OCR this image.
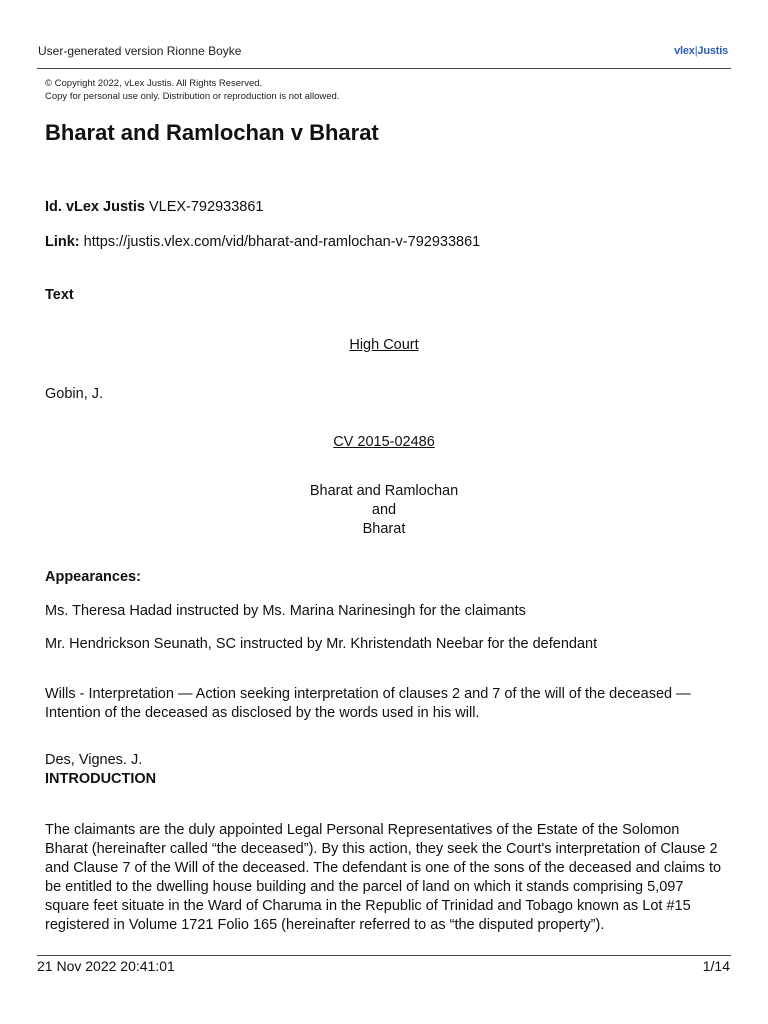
User-generated version Rionne Boyke	vlex|Justis
© Copyright 2022, vLex Justis. All Rights Reserved.
Copy for personal use only. Distribution or reproduction is not allowed.
Bharat and Ramlochan v Bharat
Id. vLex Justis VLEX-792933861
Link: https://justis.vlex.com/vid/bharat-and-ramlochan-v-792933861
Text
High Court
Gobin, J.
CV 2015-02486
Bharat and Ramlochan
and
Bharat
Appearances:
Ms. Theresa Hadad instructed by Ms. Marina Narinesingh for the claimants
Mr. Hendrickson Seunath, SC instructed by Mr. Khristendath Neebar for the defendant

Wills - Interpretation — Action seeking interpretation of clauses 2 and 7 of the will of the deceased — Intention of the deceased as disclosed by the words used in his will.

Des, Vignes. J.
INTRODUCTION

The claimants are the duly appointed Legal Personal Representatives of the Estate of the Solomon Bharat (hereinafter called “the deceased”). By this action, they seek the Court's interpretation of Clause 2 and Clause 7 of the Will of the deceased. The defendant is one of the sons of the deceased and claims to be entitled to the dwelling house building and the parcel of land on which it stands comprising 5,097 square feet situate in the Ward of Charuma in the Republic of Trinidad and Tobago known as Lot #15 registered in Volume 1721 Folio 165 (hereinafter referred to as “the disputed property”).

21 Nov 2022 20:41:01	1/14
